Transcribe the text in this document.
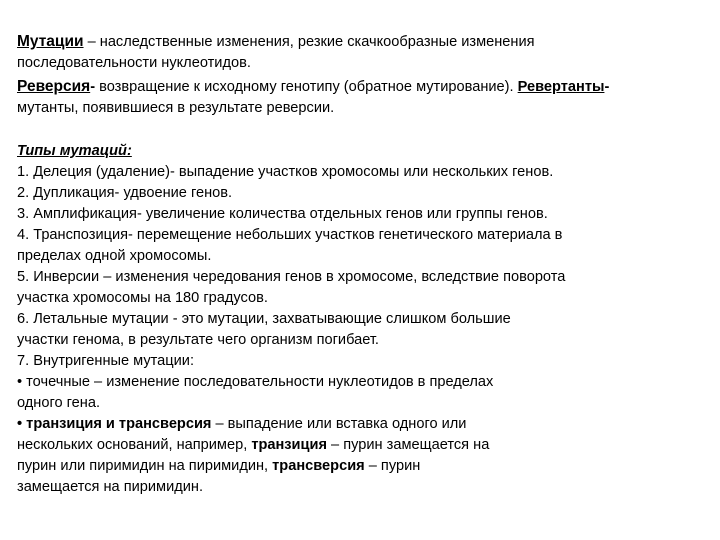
Мутации – наследственные изменения, резкие скачкообразные изменения
последовательности нуклеотидов.
Реверсия- возвращение к исходному генотипу (обратное мутирование). Ревертанты-
мутанты, появившиеся в результате реверсии.
Типы мутаций:
1. Делеция (удаление)- выпадение участков хромосомы или нескольких генов.
2. Дупликация- удвоение генов.
3. Амплификация- увеличение количества отдельных генов или группы генов.
4. Транспозиция- перемещение небольших участков генетического материала в
пределах одной хромосомы.
5. Инверсии – изменения чередования генов в хромосоме, вследствие поворота
участка хромосомы на 180 градусов.
6. Летальные мутации - это мутации, захватывающие слишком большие
участки генома, в результате чего организм погибает.
7. Внутригенные мутации:
• точечные – изменение последовательности нуклеотидов в пределах
одного гена.
• транзиция и трансверсия – выпадение или вставка одного или
нескольких оснований, например, транзиция – пурин замещается на
пурин или пиримидин на пиримидин, трансверсия – пурин
замещается на пиримидин.
